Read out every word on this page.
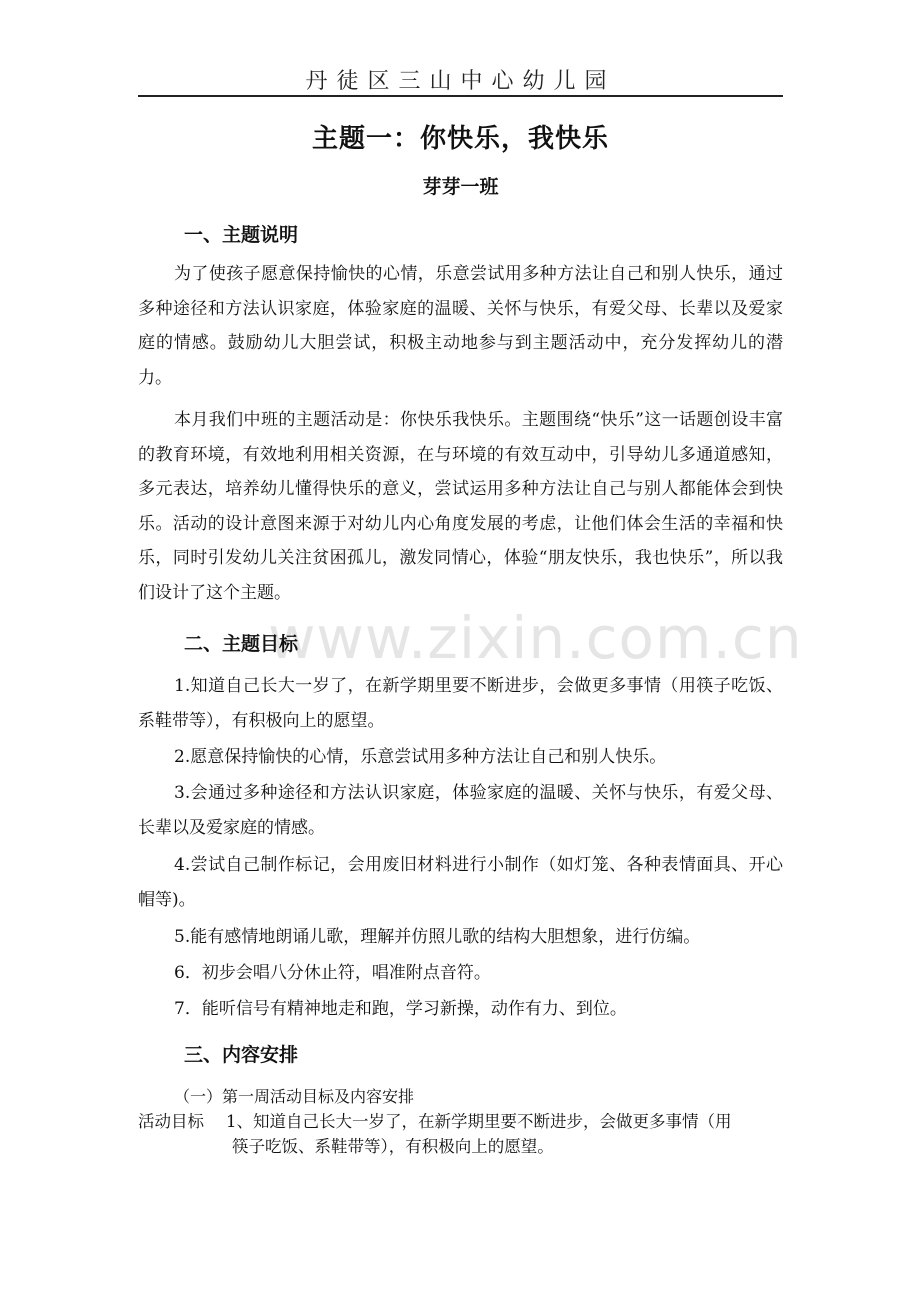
丹徒区三山中心幼儿园
主题一：你快乐，我快乐
芽芽一班
一、主题说明
为了使孩子愿意保持愉快的心情，乐意尝试用多种方法让自己和别人快乐，通过多种途径和方法认识家庭，体验家庭的温暖、关怀与快乐，有爱父母、长辈以及爱家庭的情感。鼓励幼儿大胆尝试，积极主动地参与到主题活动中，充分发挥幼儿的潜力。
本月我们中班的主题活动是：你快乐我快乐。主题围绕“快乐”这一话题创设丰富的教育环境，有效地利用相关资源，在与环境的有效互动中，引导幼儿多通道感知，多元表达，培养幼儿懂得快乐的意义，尝试运用多种方法让自己与别人都能体会到快乐。活动的设计意图来源于对幼儿内心角度发展的考虑，让他们体会生活的幸福和快乐，同时引发幼儿关注贫困孤儿，激发同情心，体验“朋友快乐，我也快乐”，所以我们设计了这个主题。
www.zixin.com.cn
二、主题目标
1.知道自己长大一岁了，在新学期里要不断进步，会做更多事情（用筷子吃饭、系鞋带等），有积极向上的愿望。
2.愿意保持愉快的心情，乐意尝试用多种方法让自己和别人快乐。
3.会通过多种途径和方法认识家庭，体验家庭的温暖、关怀与快乐，有爱父母、长辈以及爱家庭的情感。
4.尝试自己制作标记，会用废旧材料进行小制作（如灯笼、各种表情面具、开心帽等)。
5.能有感情地朗诵儿歌，理解并仿照儿歌的结构大胆想象，进行仿编。
6．初步会唱八分休止符，唱准附点音符。
7．能听信号有精神地走和跑，学习新操，动作有力、到位。
三、内容安排
（一）第一周活动目标及内容安排
活动目标 1、知道自己长大一岁了，在新学期里要不断进步，会做更多事情（用
筷子吃饭、系鞋带等），有积极向上的愿望。
